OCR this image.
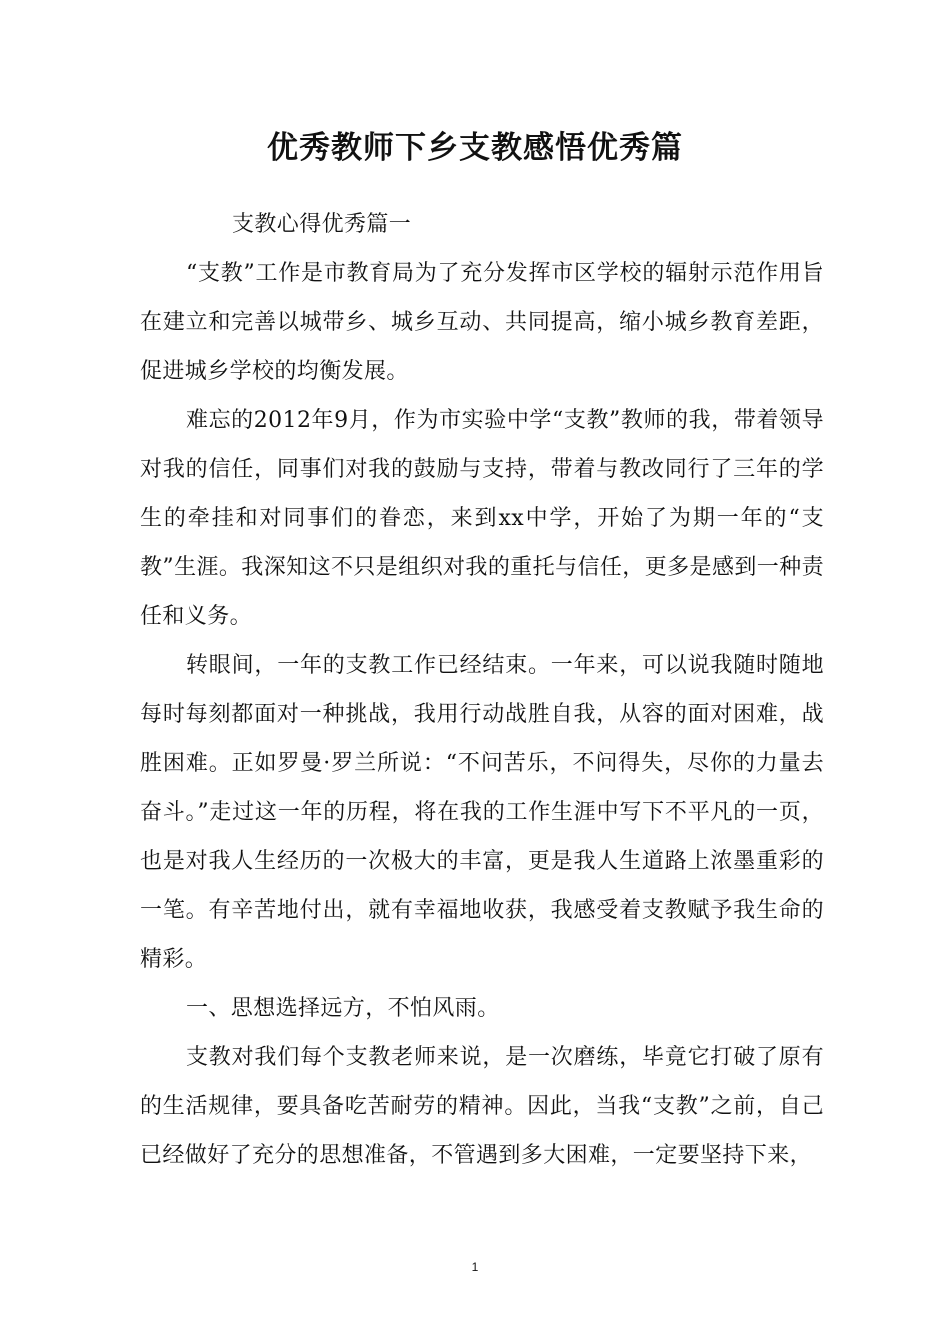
优秀教师下乡支教感悟优秀篇

支教心得优秀篇一

“支教”工作是市教育局为了充分发挥市区学校的辐射示范作用旨在建立和完善以城带乡、城乡互动、共同提高，缩小城乡教育差距，促进城乡学校的均衡发展。

难忘的2012年9月，作为市实验中学“支教”教师的我，带着领导对我的信任，同事们对我的鼓励与支持，带着与教改同行了三年的学生的牵挂和对同事们的眷恋，来到xx中学，开始了为期一年的“支教”生涯。我深知这不只是组织对我的重托与信任，更多是感到一种责任和义务。

转眼间，一年的支教工作已经结束。一年来，可以说我随时随地每时每刻都面对一种挑战，我用行动战胜自我，从容的面对困难，战胜困难。正如罗曼·罗兰所说：“不问苦乐，不问得失，尽你的力量去奋斗。”走过这一年的历程，将在我的工作生涯中写下不平凡的一页，也是对我人生经历的一次极大的丰富，更是我人生道路上浓墨重彩的一笔。有辛苦地付出，就有幸福地收获，我感受着支教赋予我生命的精彩。

一、思想选择远方，不怕风雨。

支教对我们每个支教老师来说，是一次磨练，毕竟它打破了原有的生活规律，要具备吃苦耐劳的精神。因此，当我“支教”之前，自己已经做好了充分的思想准备，不管遇到多大困难，一定要坚持下来，

1
